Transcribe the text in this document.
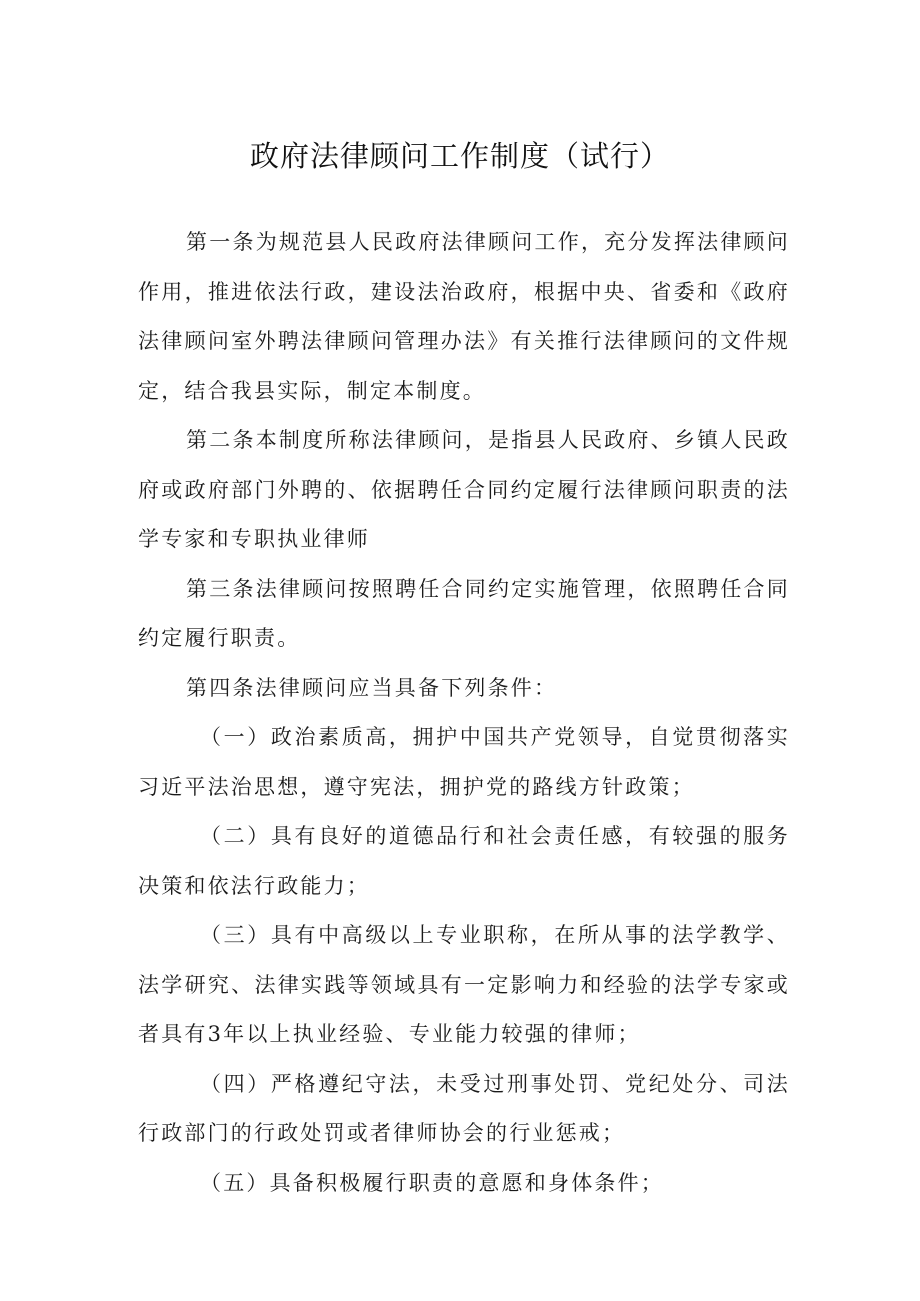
政府法律顾问工作制度（试行）

第一条为规范县人民政府法律顾问工作，充分发挥法律顾问作用，推进依法行政，建设法治政府，根据中央、省委和《政府法律顾问室外聘法律顾问管理办法》有关推行法律顾问的文件规定，结合我县实际，制定本制度。

第二条本制度所称法律顾问，是指县人民政府、乡镇人民政府或政府部门外聘的、依据聘任合同约定履行法律顾问职责的法学专家和专职执业律师

第三条法律顾问按照聘任合同约定实施管理，依照聘任合同约定履行职责。

第四条法律顾问应当具备下列条件：

（一）政治素质高，拥护中国共产党领导，自觉贯彻落实习近平法治思想，遵守宪法，拥护党的路线方针政策；

（二）具有良好的道德品行和社会责任感，有较强的服务决策和依法行政能力；

（三）具有中高级以上专业职称，在所从事的法学教学、法学研究、法律实践等领域具有一定影响力和经验的法学专家或者具有3年以上执业经验、专业能力较强的律师；

（四）严格遵纪守法，未受过刑事处罚、党纪处分、司法行政部门的行政处罚或者律师协会的行业惩戒；

（五）具备积极履行职责的意愿和身体条件；
